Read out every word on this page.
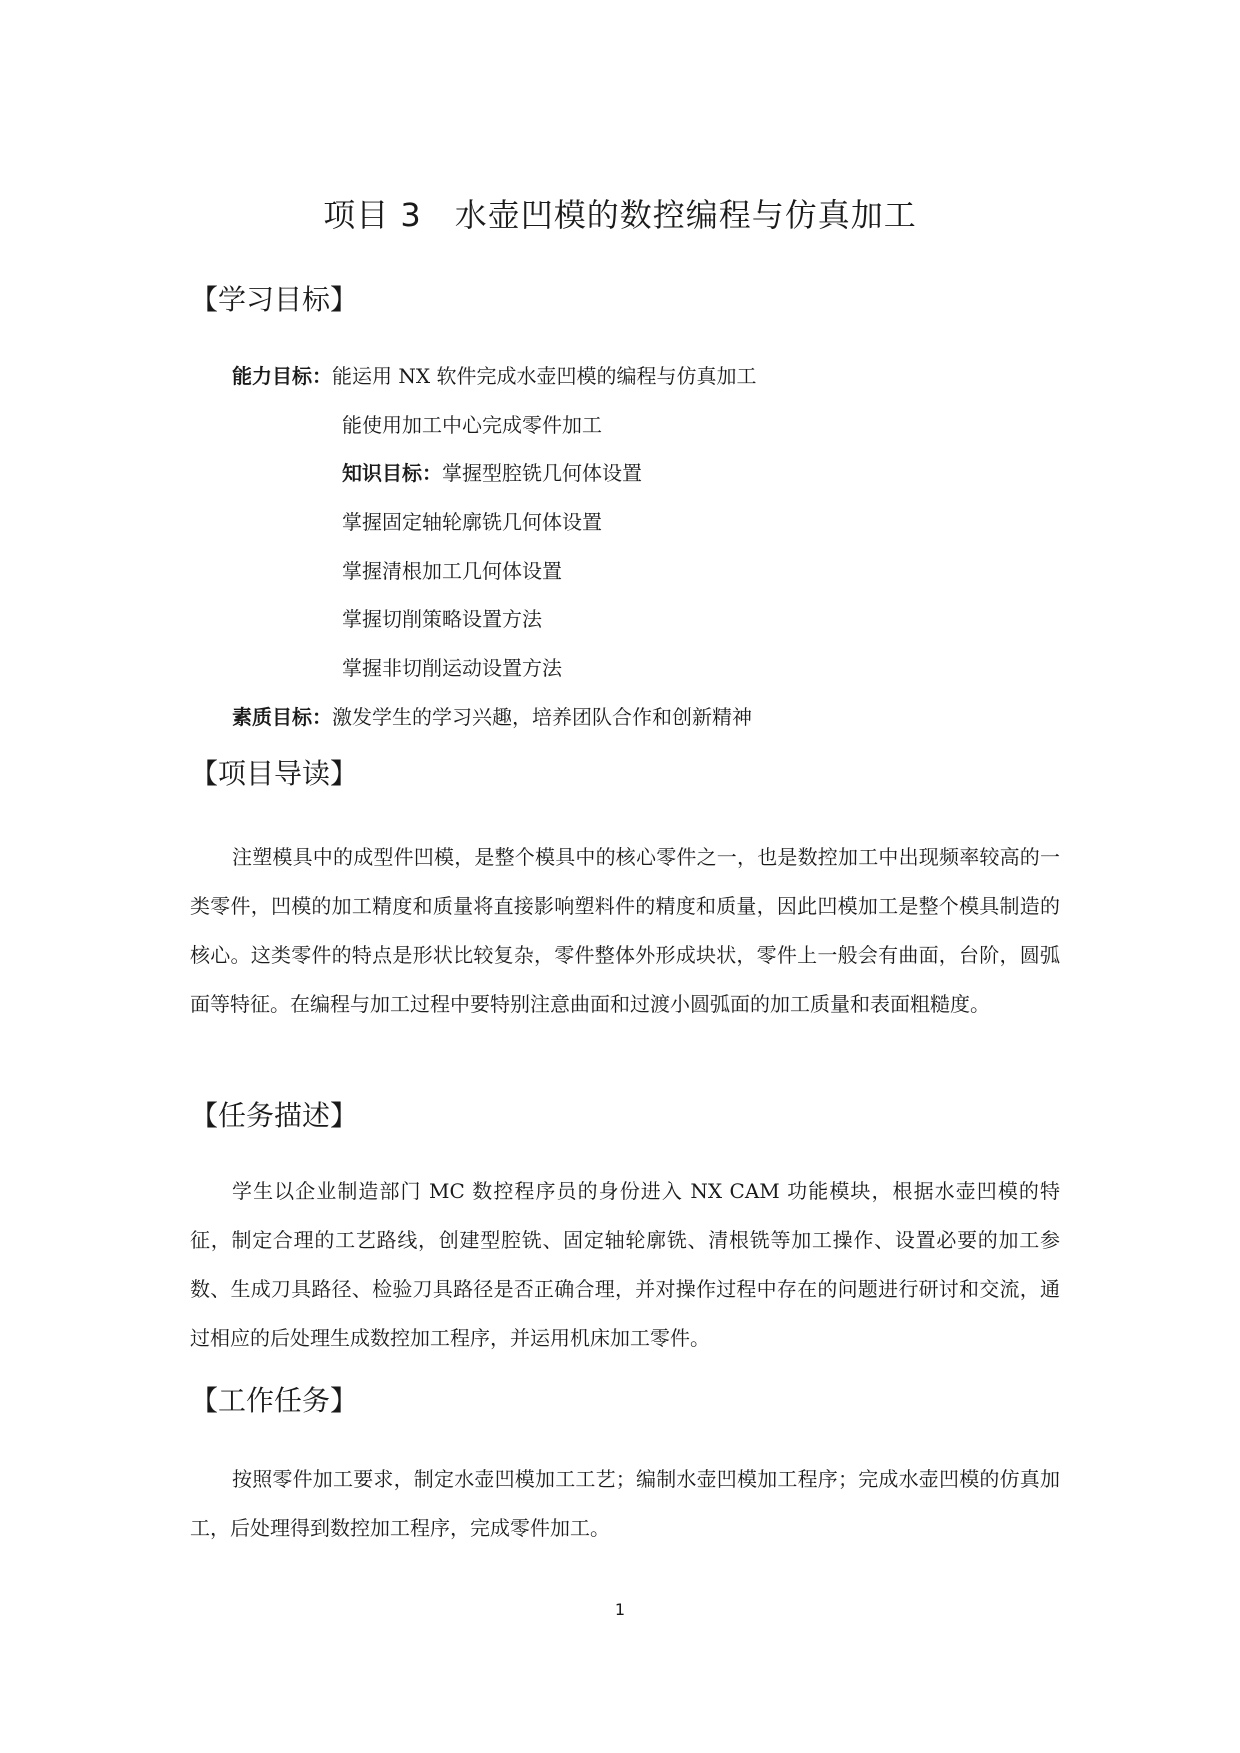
项目 3　水壶凹模的数控编程与仿真加工
【学习目标】
能力目标：能运用 NX 软件完成水壶凹模的编程与仿真加工
能使用加工中心完成零件加工
知识目标：掌握型腔铣几何体设置
掌握固定轴轮廓铣几何体设置
掌握清根加工几何体设置
掌握切削策略设置方法
掌握非切削运动设置方法
素质目标：激发学生的学习兴趣，培养团队合作和创新精神
【项目导读】

注塑模具中的成型件凹模，是整个模具中的核心零件之一，也是数控加工中出现频率较高的一类零件，凹模的加工精度和质量将直接影响塑料件的精度和质量，因此凹模加工是整个模具制造的核心。这类零件的特点是形状比较复杂，零件整体外形成块状，零件上一般会有曲面，台阶，圆弧面等特征。在编程与加工过程中要特别注意曲面和过渡小圆弧面的加工质量和表面粗糙度。

【任务描述】

学生以企业制造部门 MC 数控程序员的身份进入 NX CAM 功能模块，根据水壶凹模的特征，制定合理的工艺路线，创建型腔铣、固定轴轮廓铣、清根铣等加工操作、设置必要的加工参数、生成刀具路径、检验刀具路径是否正确合理，并对操作过程中存在的问题进行研讨和交流，通过相应的后处理生成数控加工程序，并运用机床加工零件。

【工作任务】

按照零件加工要求，制定水壶凹模加工工艺；编制水壶凹模加工程序；完成水壶凹模的仿真加工，后处理得到数控加工程序，完成零件加工。

1
